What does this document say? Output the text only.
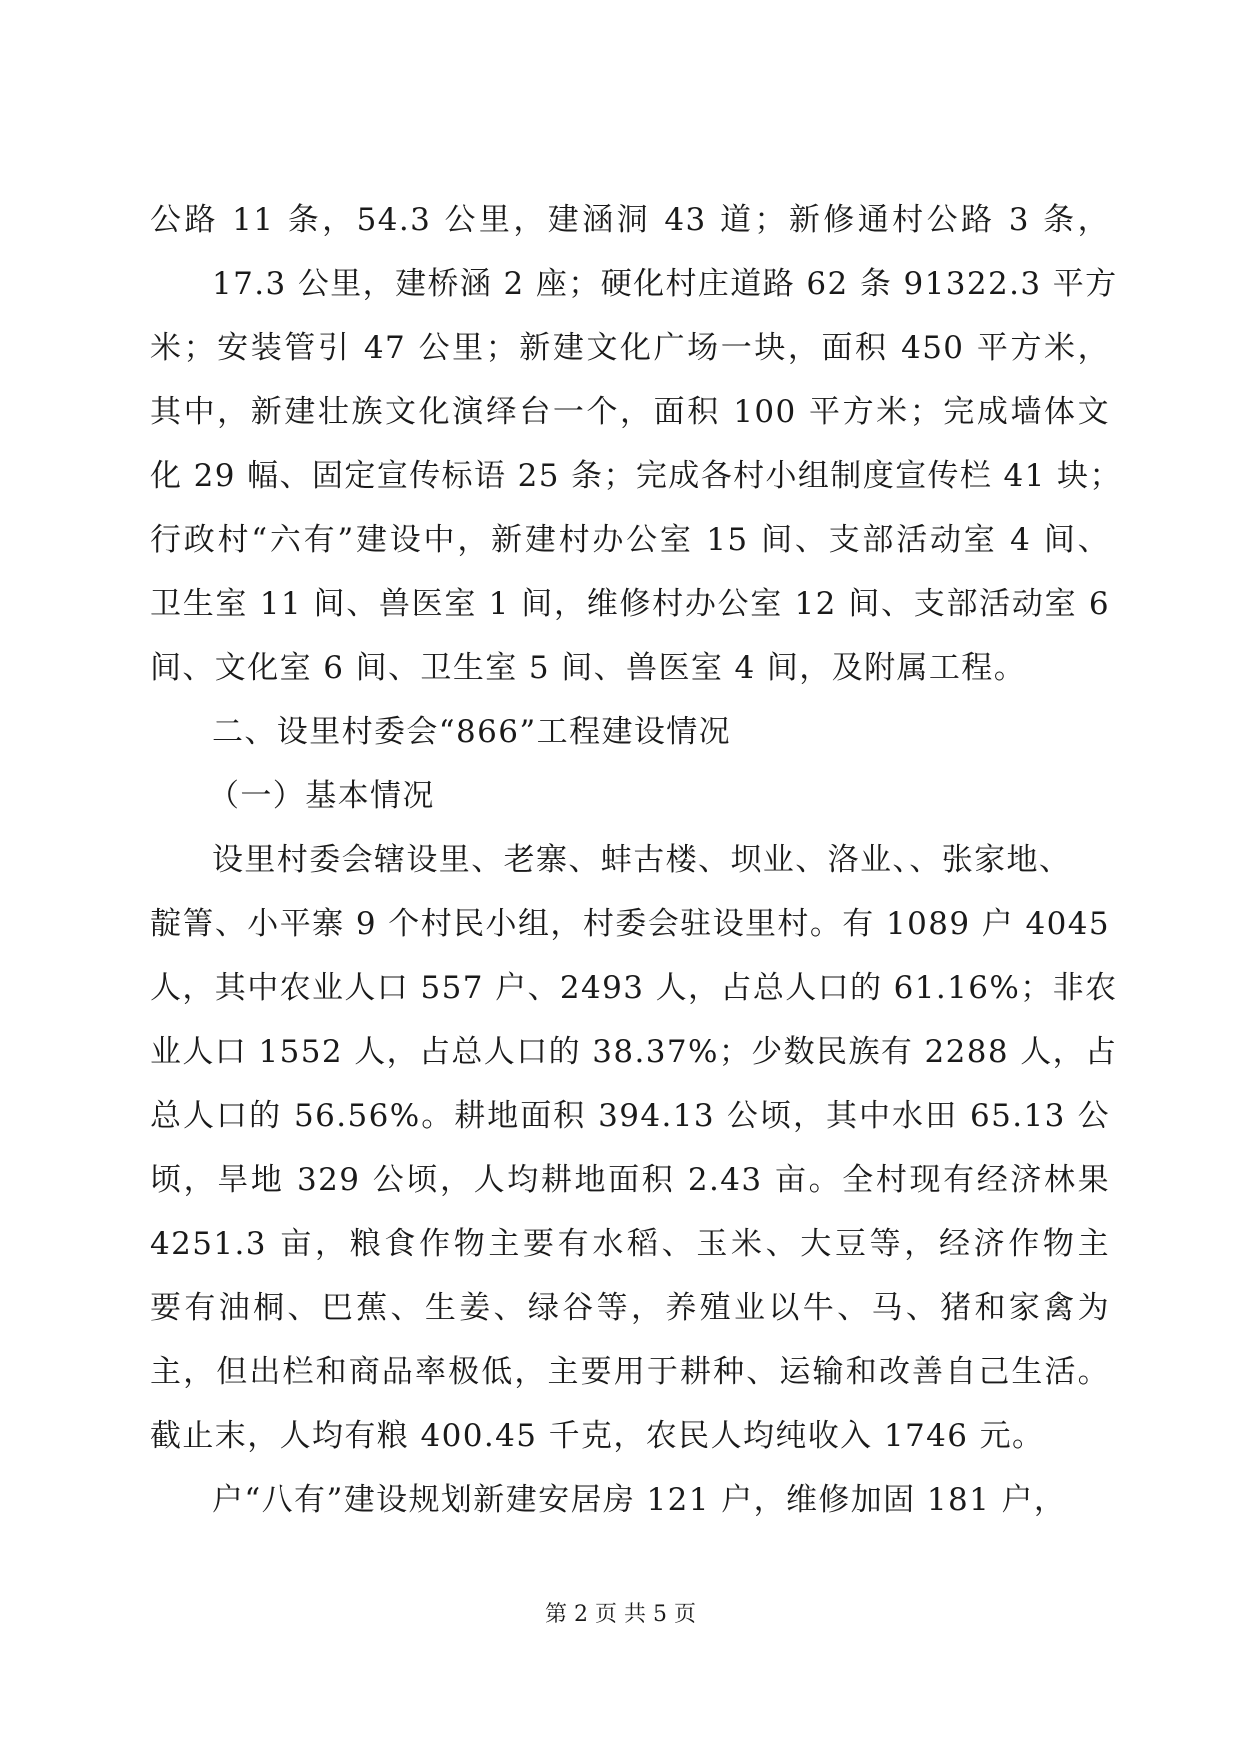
公路 11 条，54.3 公里，建涵洞 43 道；新修通村公路 3 条，
17.3 公里，建桥涵 2 座；硬化村庄道路 62 条 91322.3 平方
米；安装管引 47 公里；新建文化广场一块，面积 450 平方米，
其中，新建壮族文化演绎台一个，面积 100 平方米；完成墙体文
化 29 幅、固定宣传标语 25 条；完成各村小组制度宣传栏 41 块；
行政村“六有”建设中，新建村办公室 15 间、支部活动室 4 间、
卫生室 11 间、兽医室 1 间，维修村办公室 12 间、支部活动室 6
间、文化室 6 间、卫生室 5 间、兽医室 4 间，及附属工程。
二、设里村委会“866”工程建设情况
（一）基本情况
设里村委会辖设里、老寨、蚌古楼、坝业、洛业、、张家地、
靛箐、小平寨 9 个村民小组，村委会驻设里村。有 1089 户 4045
人，其中农业人口 557 户、2493 人，占总人口的 61.16%；非农
业人口 1552 人，占总人口的 38.37%；少数民族有 2288 人，占
总人口的 56.56%。耕地面积 394.13 公顷，其中水田 65.13 公
顷，旱地 329 公顷，人均耕地面积 2.43 亩。全村现有经济林果
4251.3 亩，粮食作物主要有水稻、玉米、大豆等，经济作物主
要有油桐、巴蕉、生姜、绿谷等，养殖业以牛、马、猪和家禽为
主，但出栏和商品率极低，主要用于耕种、运输和改善自己生活。
截止末，人均有粮 400.45 千克，农民人均纯收入 1746 元。
户“八有”建设规划新建安居房 121 户，维修加固 181 户，
第 2 页 共 5 页
